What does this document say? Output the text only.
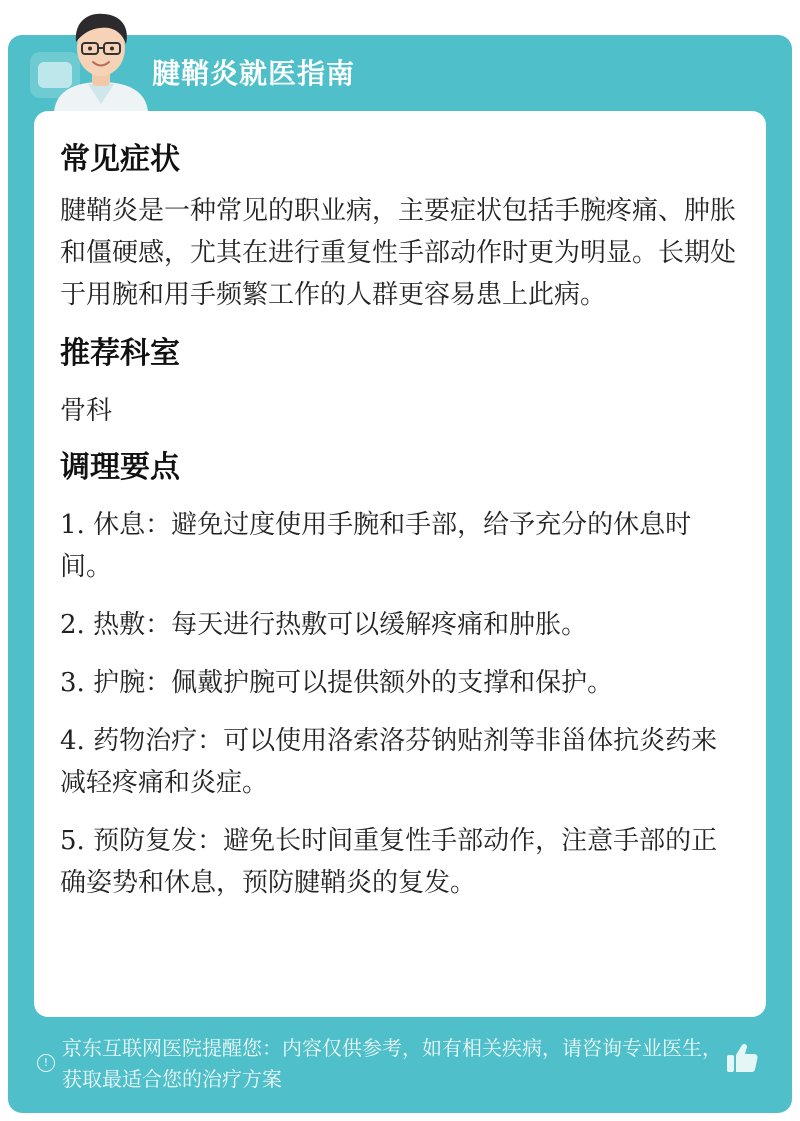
腱鞘炎就医指南
常见症状

腱鞘炎是一种常见的职业病，主要症状包括手腕疼痛、肿胀和僵硬感，尤其在进行重复性手部动作时更为明显。长期处于用腕和用手频繁工作的人群更容易患上此病。

推荐科室

骨科

调理要点
1. 休息：避免过度使用手腕和手部，给予充分的休息时间。
2. 热敷：每天进行热敷可以缓解疼痛和肿胀。
3. 护腕：佩戴护腕可以提供额外的支撑和保护。
4. 药物治疗：可以使用洛索洛芬钠贴剂等非甾体抗炎药来减轻疼痛和炎症。
5. 预防复发：避免长时间重复性手部动作，注意手部的正确姿势和休息，预防腱鞘炎的复发。
!
京东互联网医院提醒您：内容仅供参考，如有相关疾病，请咨询专业医生，获取最适合您的治疗方案
